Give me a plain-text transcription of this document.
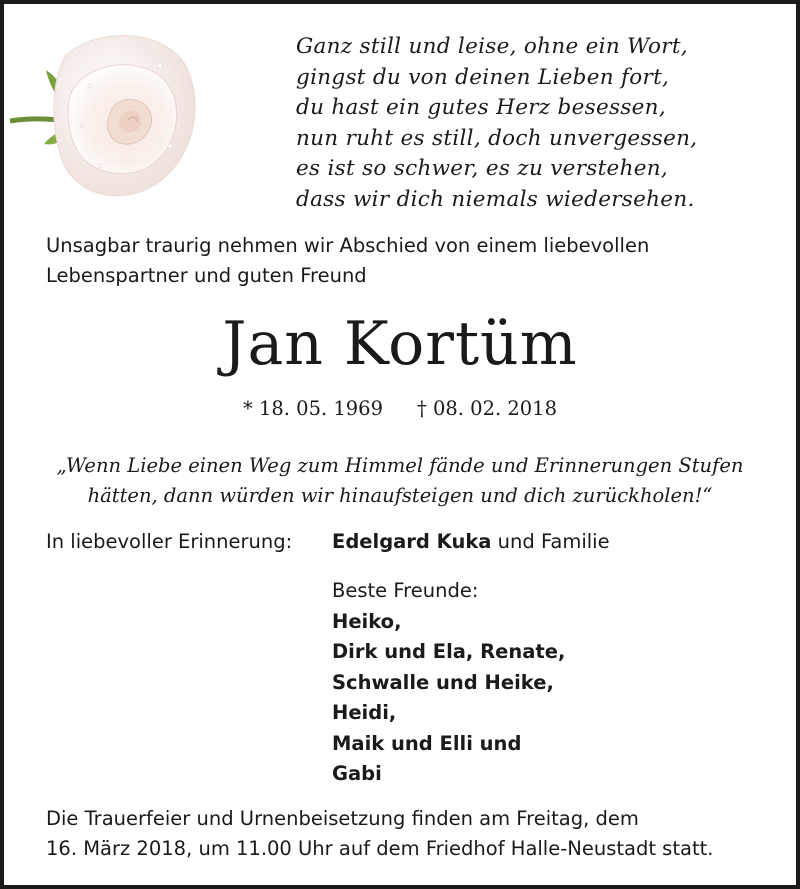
Ganz still und leise, ohne ein Wort,
gingst du von deinen Lieben fort,
du hast ein gutes Herz besessen,
nun ruht es still, doch unvergessen,
es ist so schwer, es zu verstehen,
dass wir dich niemals wiedersehen.
Unsagbar traurig nehmen wir Abschied von einem liebevollen
Lebenspartner und guten Freund
Jan Kortüm
* 18. 05. 1969 † 08. 02. 2018
„Wenn Liebe einen Weg zum Himmel fände und Erinnerungen Stufen
hätten, dann würden wir hinaufsteigen und dich zurückholen!“
In liebevoller Erinnerung: Edelgard Kuka und Familie
Beste Freunde:
Heiko,
Dirk und Ela, Renate,
Schwalle und Heike,
Heidi,
Maik und Elli und
Gabi
Die Trauerfeier und Urnenbeisetzung finden am Freitag, dem
16. März 2018, um 11.00 Uhr auf dem Friedhof Halle-Neustadt statt.
